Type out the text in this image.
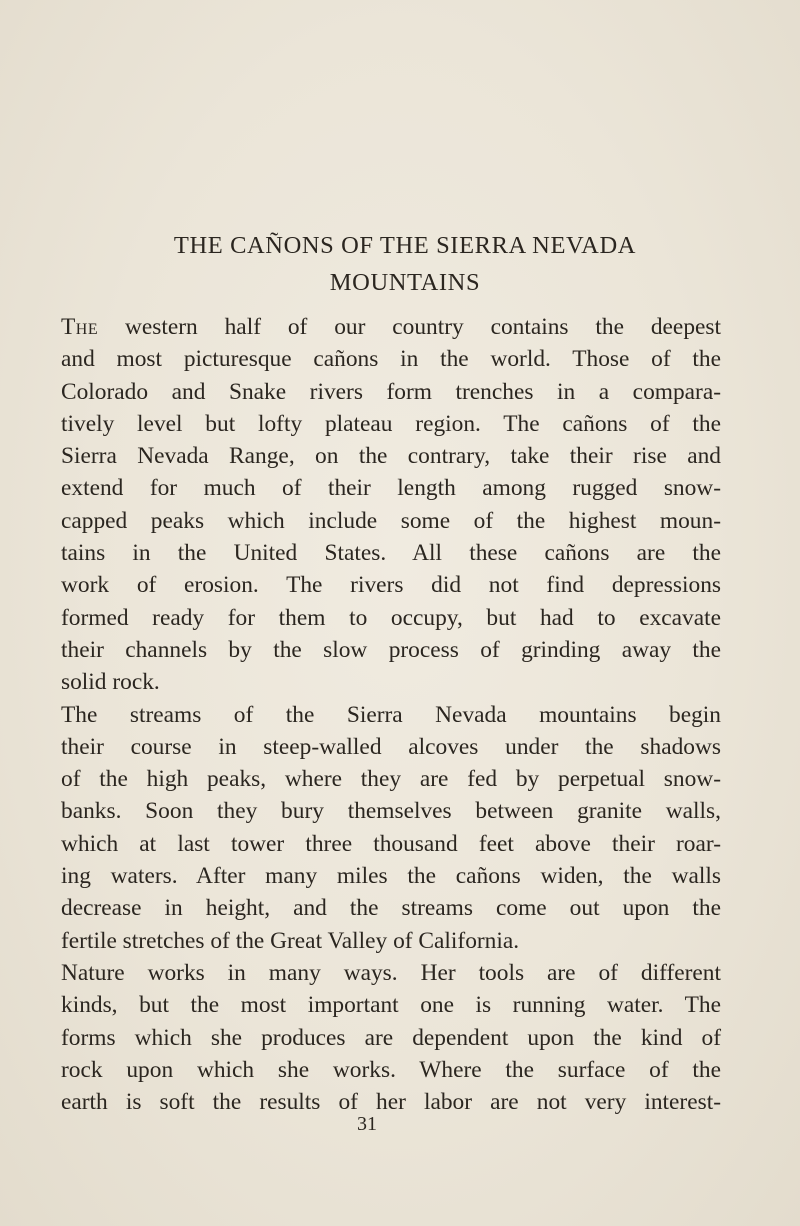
THE CAÑONS OF THE SIERRA NEVADA
MOUNTAINS
The western half of our country contains the deepest
and most picturesque cañons in the world. Those of the
Colorado and Snake rivers form trenches in a compara-
tively level but lofty plateau region. The cañons of the
Sierra Nevada Range, on the contrary, take their rise and
extend for much of their length among rugged snow-
capped peaks which include some of the highest moun-
tains in the United States. All these cañons are the
work of erosion. The rivers did not find depressions
formed ready for them to occupy, but had to excavate
their channels by the slow process of grinding away the
solid rock.
The streams of the Sierra Nevada mountains begin
their course in steep-walled alcoves under the shadows
of the high peaks, where they are fed by perpetual snow-
banks. Soon they bury themselves between granite walls,
which at last tower three thousand feet above their roar-
ing waters. After many miles the cañons widen, the walls
decrease in height, and the streams come out upon the
fertile stretches of the Great Valley of California.
Nature works in many ways. Her tools are of different
kinds, but the most important one is running water. The
forms which she produces are dependent upon the kind of
rock upon which she works. Where the surface of the
earth is soft the results of her labor are not very interest-
31
